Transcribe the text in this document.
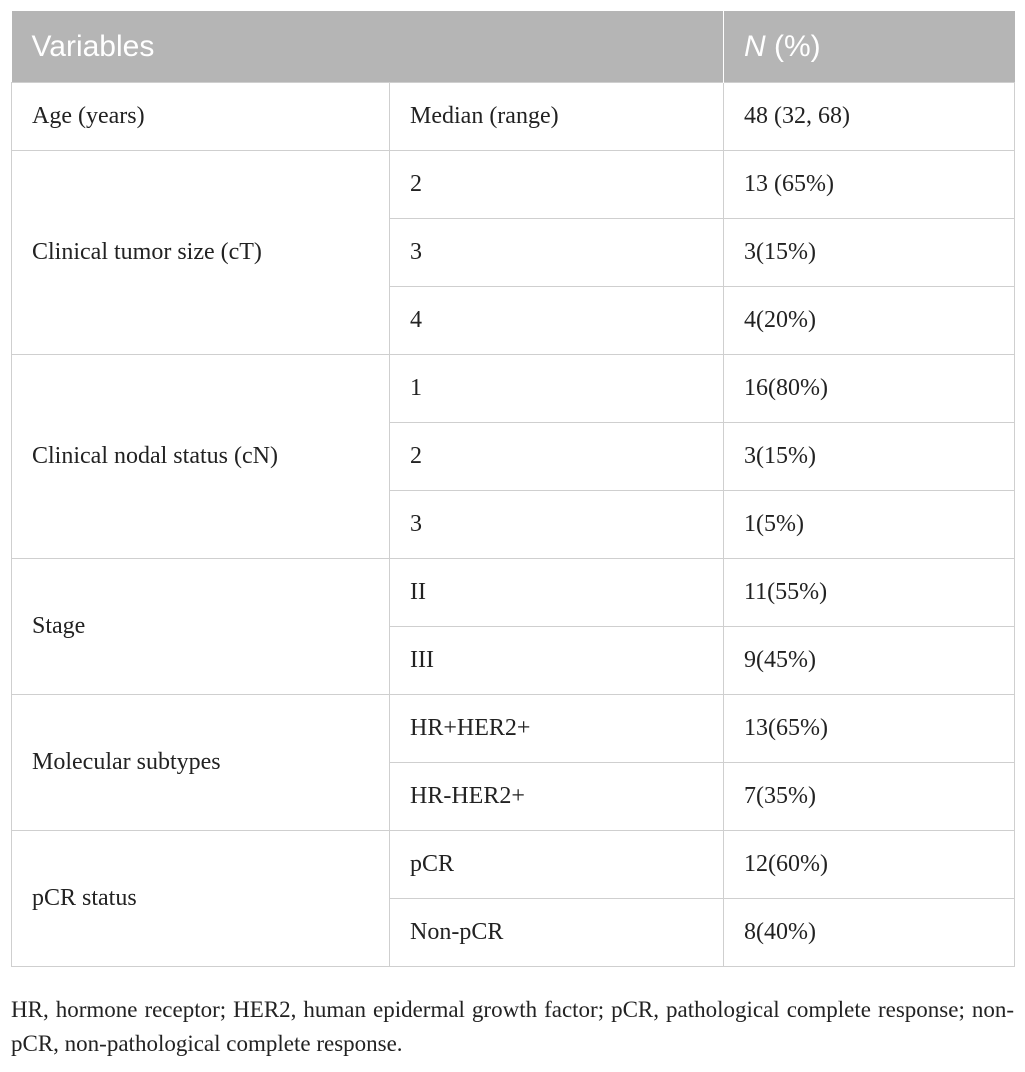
Variables		N (%)
Age (years)	Median (range)	48 (32, 68)
Clinical tumor size (cT)	2	13 (65%)
	3	3(15%)
	4	4(20%)
Clinical nodal status (cN)	1	16(80%)
	2	3(15%)
	3	1(5%)
Stage	II	11(55%)
	III	9(45%)
Molecular subtypes	HR+HER2+	13(65%)
	HR-HER2+	7(35%)
pCR status	pCR	12(60%)
	Non-pCR	8(40%)
HR, hormone receptor; HER2, human epidermal growth factor; pCR, pathological complete response; non-pCR, non-pathological complete response.
